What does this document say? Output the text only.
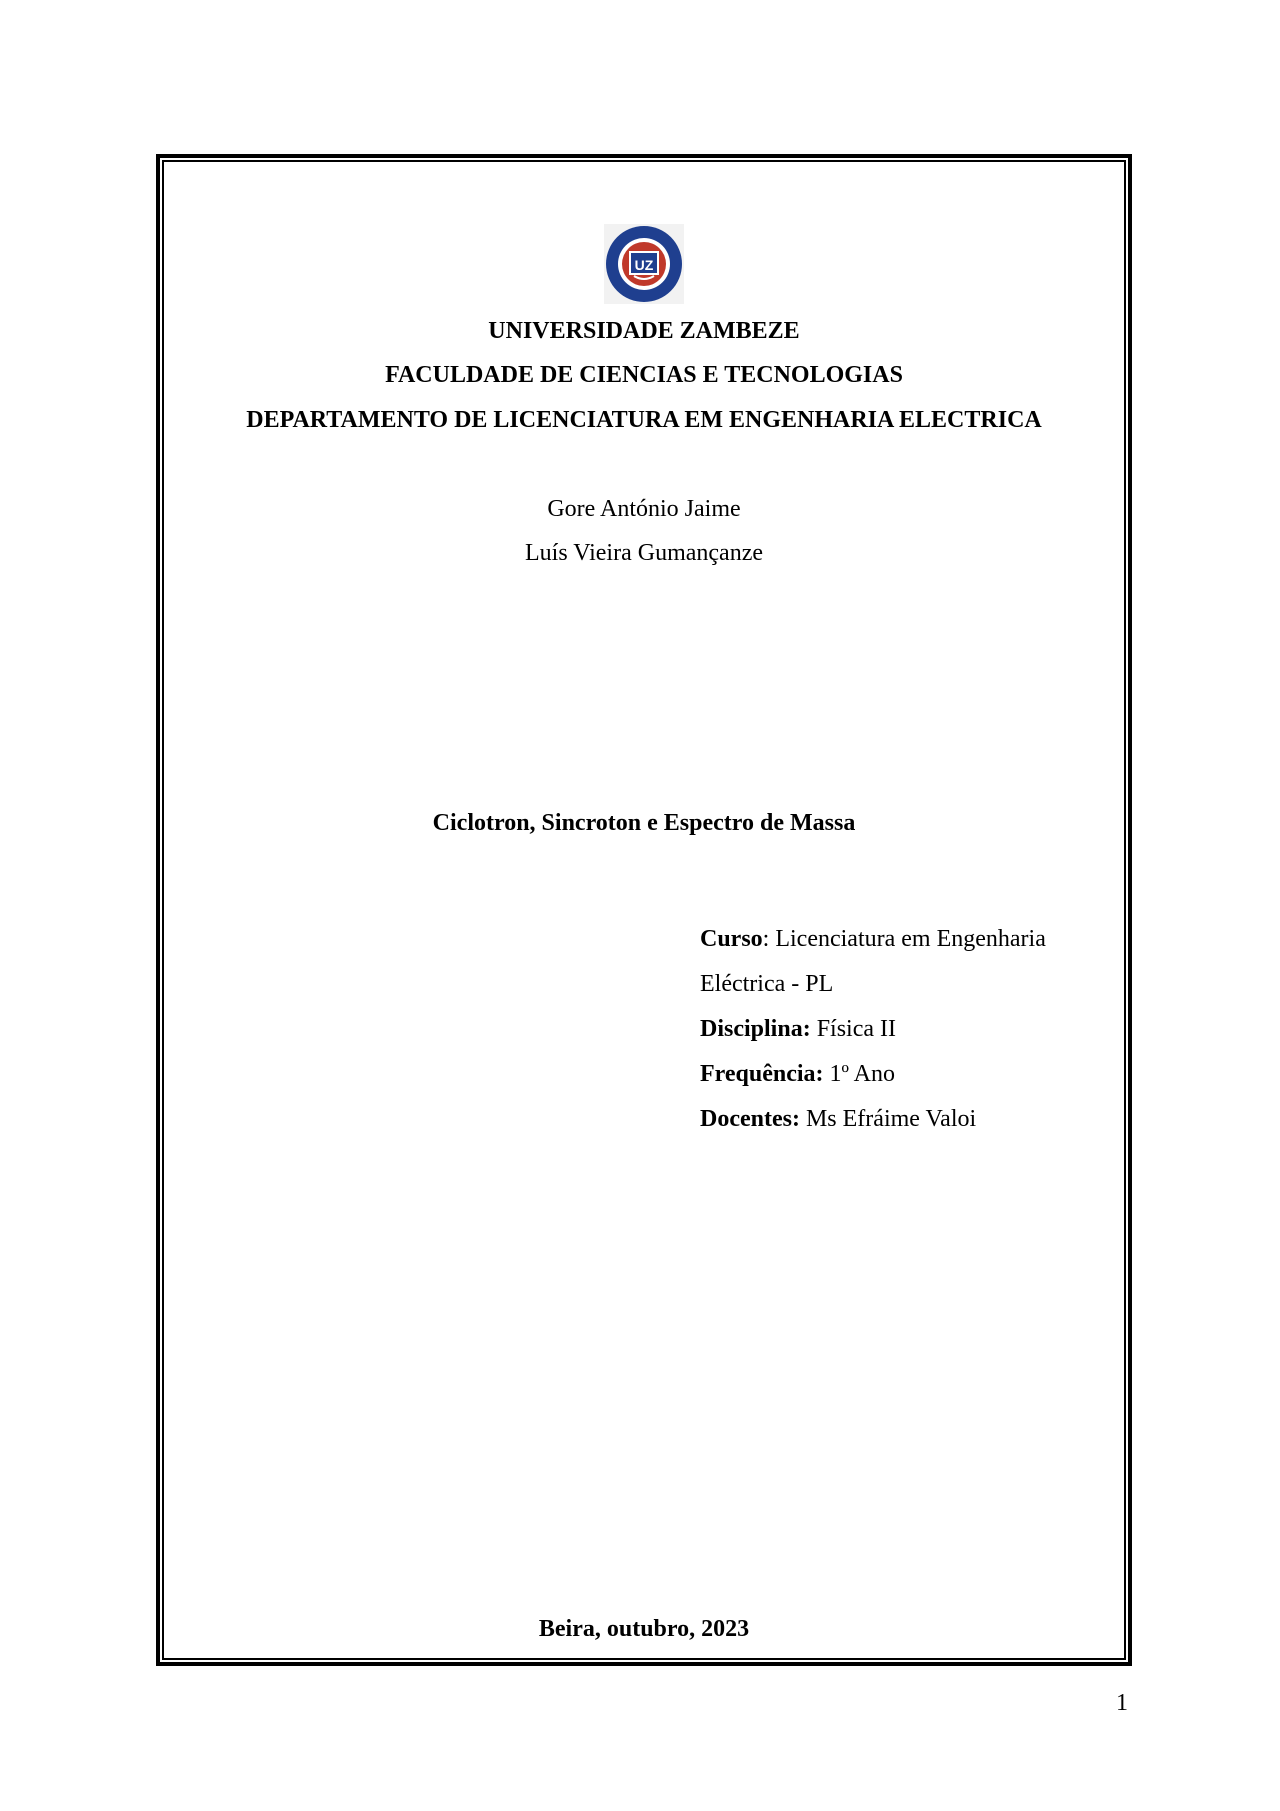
UZ
UNIVERSIDADE ZAMBEZE
FACULDADE DE CIENCIAS E TECNOLOGIAS
DEPARTAMENTO DE LICENCIATURA EM ENGENHARIA ELECTRICA
Gore António Jaime
Luís Vieira Gumançanze
Ciclotron, Sincroton e Espectro de Massa
Curso: Licenciatura em Engenharia
Eléctrica - PL
Disciplina: Física II
Frequência: 1º Ano
Docentes: Ms Efráime Valoi
Beira, outubro, 2023
1
